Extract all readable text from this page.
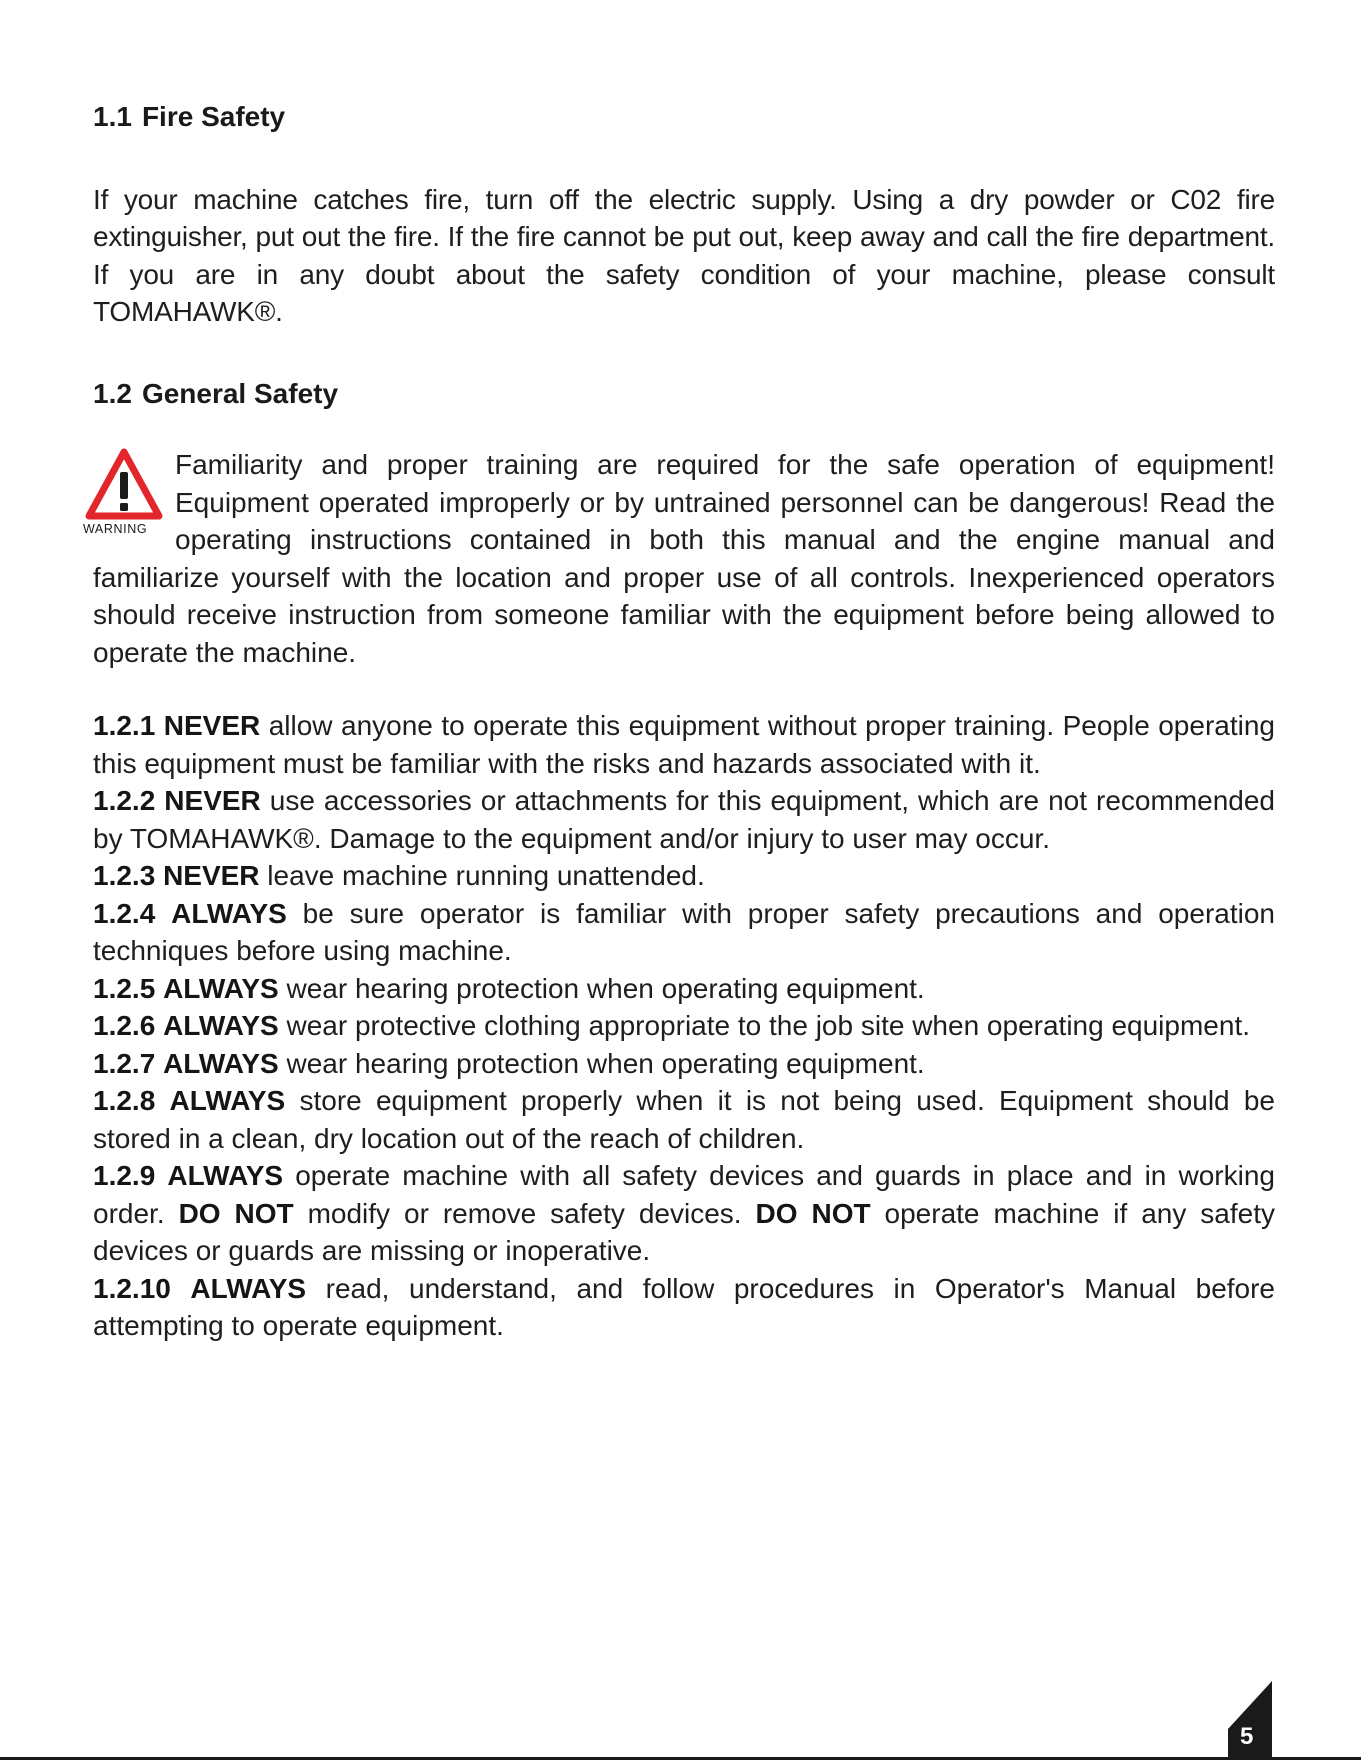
1.1 Fire Safety

If your machine catches fire, turn off the electric supply. Using a dry powder or C02 fire extinguisher, put out the fire. If the fire cannot be put out, keep away and call the fire department. If you are in any doubt about the safety condition of your machine, please consult TOMAHAWK®.

1.2 General Safety
WARNING

Familiarity and proper training are required for the safe operation of equipment! Equipment operated improperly or by untrained personnel can be dangerous! Read the operating instructions contained in both this manual and the engine manual and familiarize yourself with the location and proper use of all controls. Inexperienced operators should receive instruction from someone familiar with the equipment before being allowed to operate the machine.

1.2.1 NEVER allow anyone to operate this equipment without proper training. People operating this equipment must be familiar with the risks and hazards associated with it.

1.2.2 NEVER use accessories or attachments for this equipment, which are not recommended by TOMAHAWK®. Damage to the equipment and/or injury to user may occur.

1.2.3 NEVER leave machine running unattended.

1.2.4 ALWAYS be sure operator is familiar with proper safety precautions and operation techniques before using machine.

1.2.5 ALWAYS wear hearing protection when operating equipment.

1.2.6 ALWAYS wear protective clothing appropriate to the job site when operating equipment.

1.2.7 ALWAYS wear hearing protection when operating equipment.

1.2.8 ALWAYS store equipment properly when it is not being used. Equipment should be stored in a clean, dry location out of the reach of children.

1.2.9 ALWAYS operate machine with all safety devices and guards in place and in working order. DO NOT modify or remove safety devices. DO NOT operate machine if any safety devices or guards are missing or inoperative.

1.2.10 ALWAYS read, understand, and follow procedures in Operator's Manual before attempting to operate equipment.

5
